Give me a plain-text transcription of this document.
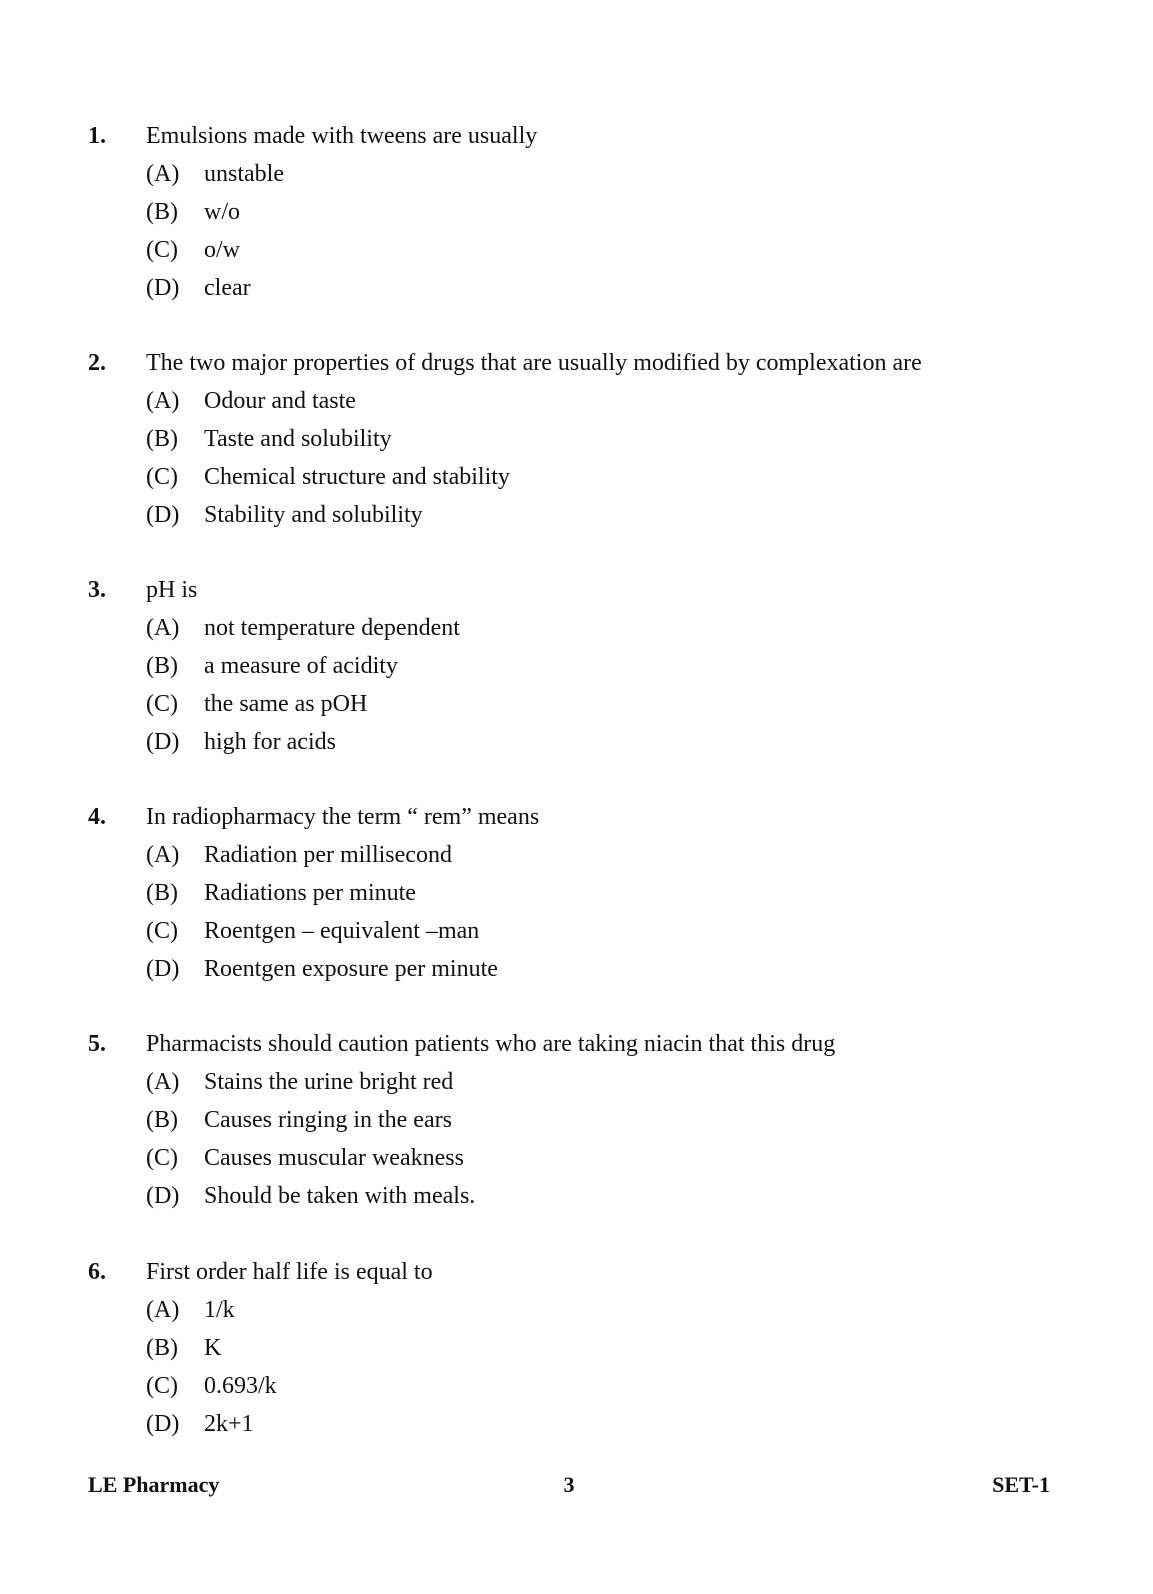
1. Emulsions made with tweens are usually
(A) unstable
(B) w/o
(C) o/w
(D) clear
2. The two major properties of drugs that are usually modified by complexation are
(A) Odour and taste
(B) Taste and solubility
(C) Chemical structure and stability
(D) Stability and solubility
3. pH is
(A) not temperature dependent
(B) a measure of acidity
(C) the same as pOH
(D) high for acids
4. In radiopharmacy the term “ rem” means
(A) Radiation per millisecond
(B) Radiations per minute
(C) Roentgen – equivalent –man
(D) Roentgen exposure per minute
5. Pharmacists should caution patients who are taking niacin that this drug
(A) Stains the urine bright red
(B) Causes ringing in the ears
(C) Causes muscular weakness
(D) Should be taken with meals.
6. First order half life is equal to
(A) 1/k
(B) K
(C) 0.693/k
(D) 2k+1
LE Pharmacy	3	SET-1
